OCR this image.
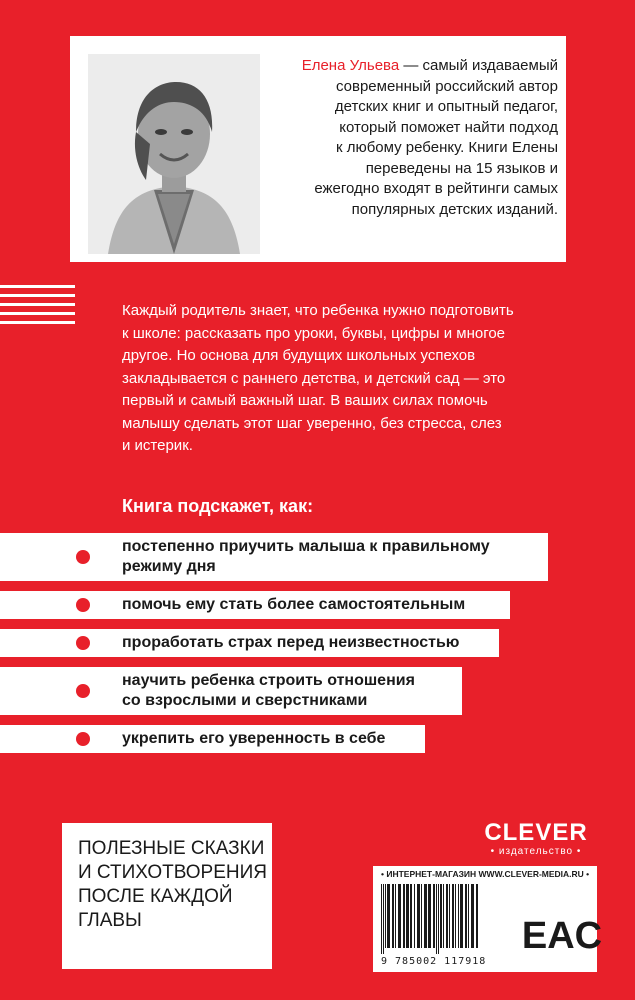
Елена Ульева — самый издаваемый
современный российский автор
детских книг и опытный педагог,
который поможет найти подход
к любому ребенку. Книги Елены
переведены на 15 языков и
ежегодно входят в рейтинги самых
популярных детских изданий.

Каждый родитель знает, что ребенка нужно подготовить
к школе: рассказать про уроки, буквы, цифры и многое
другое. Но основа для будущих школьных успехов
закладывается с раннего детства, и детский сад — это
первый и самый важный шаг. В ваших силах помочь
малышу сделать этот шаг уверенно, без стресса, слез
и истерик.

Книга подскажет, как:
постепенно приучить малыша к правильному
режиму дня
помочь ему стать более самостоятельным
проработать страх перед неизвестностью
научить ребенка строить отношения
со взрослыми и сверстниками
укрепить его уверенность в себе

ПОЛЕЗНЫЕ СКАЗКИ
И СТИХОТВОРЕНИЯ
ПОСЛЕ КАЖДОЙ
ГЛАВЫ

CLEVER
• издательство •
• ИНТЕРНЕТ-МАГАЗИН WWW.CLEVER-MEDIA.RU •
9 785002 117918
EAC
